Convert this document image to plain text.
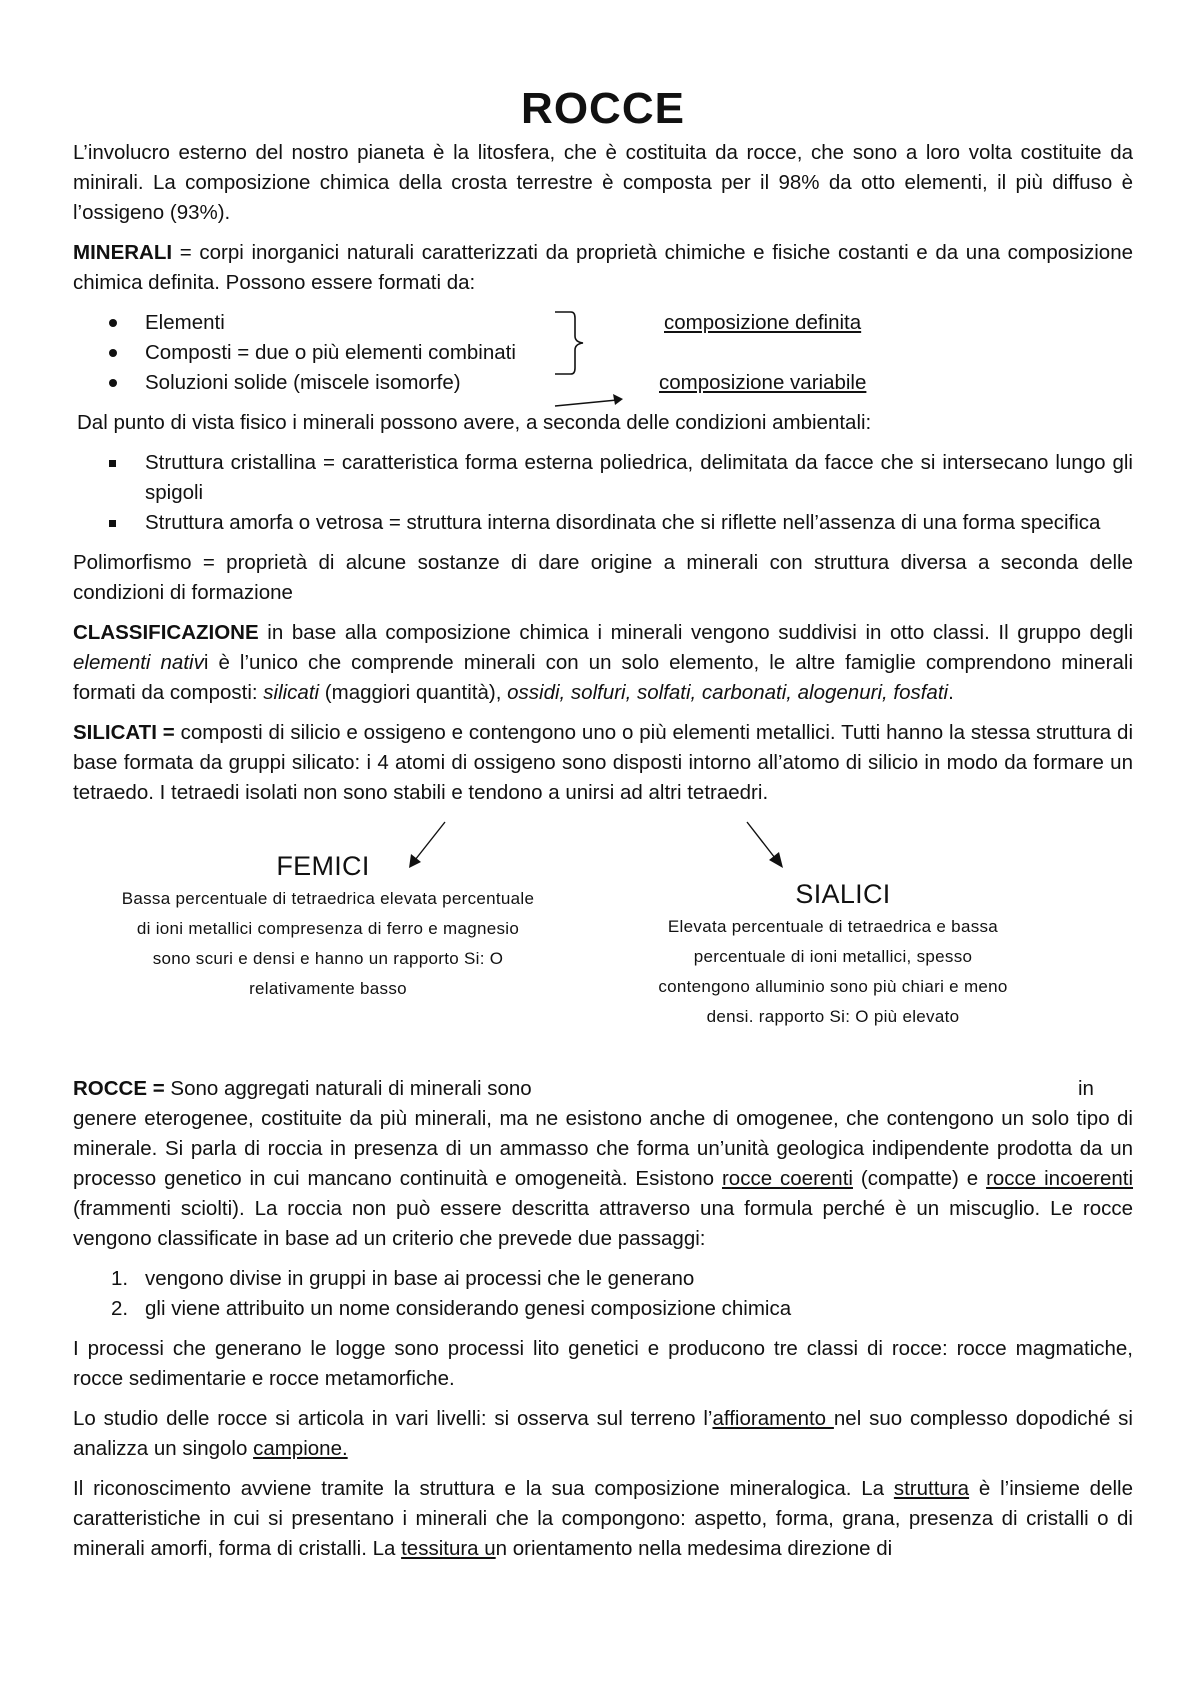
ROCCE

L’involucro esterno del nostro pianeta è la litosfera, che è costituita da rocce, che sono a loro volta costituite da minirali. La composizione chimica della crosta terrestre è composta per il 98% da otto elementi, il più diffuso è l’ossigeno (93%).

MINERALI = corpi inorganici naturali caratterizzati da proprietà chimiche e fisiche costanti e da una composizione chimica definita. Possono essere formati da:

Elementi
Composti = due o più elementi combinati
Soluzioni solide (miscele isomorfe)
composizione definita
composizione variabile

Dal punto di vista fisico i minerali possono avere, a seconda delle condizioni ambientali:

Struttura cristallina = caratteristica forma esterna poliedrica, delimitata da facce che si intersecano lungo gli spigoli
Struttura amorfa o vetrosa = struttura interna disordinata che si riflette nell’assenza di una forma specifica

Polimorfismo = proprietà di alcune sostanze di dare origine a minerali con struttura diversa a seconda delle condizioni di formazione

CLASSIFICAZIONE in base alla composizione chimica i minerali vengono suddivisi in otto classi. Il gruppo degli elementi nativi è l’unico che comprende minerali con un solo elemento, le altre famiglie comprendono minerali formati da composti: silicati (maggiori quantità), ossidi, solfuri, solfati, carbonati, alogenuri, fosfati.

SILICATI = composti di silicio e ossigeno e contengono uno o più elementi metallici. Tutti hanno la stessa struttura di base formata da gruppi silicato: i 4 atomi di ossigeno sono disposti intorno all’atomo di silicio in modo da formare un tetraedo. I tetraedi isolati non sono stabili e tendono a unirsi ad altri tetraedri.

FEMICI
Bassa percentuale di tetraedrica elevata percentuale
di ioni metallici compresenza di ferro e magnesio
sono scuri e densi e hanno un rapporto Si: O
relativamente basso
SIALICI
Elevata percentuale di tetraedrica e bassa
percentuale di ioni metallici, spesso
contengono alluminio sono più chiari e meno
densi. rapporto Si: O più elevato
ROCCE = Sono aggregati naturali di minerali sono	in

genere eterogenee, costituite da più minerali, ma ne esistono anche di omogenee, che contengono un solo tipo di minerale. Si parla di roccia in presenza di un ammasso che forma un’unità geologica indipendente prodotta da un processo genetico in cui mancano continuità e omogeneità. Esistono rocce coerenti (compatte) e rocce incoerenti (frammenti sciolti). La roccia non può essere descritta attraverso una formula perché è un miscuglio. Le rocce vengono classificate in base ad un criterio che prevede due passaggi:

1. vengono divise in gruppi in base ai processi che le generano
2. gli viene attribuito un nome considerando genesi composizione chimica

I processi che generano le logge sono processi lito genetici e producono tre classi di rocce: rocce magmatiche, rocce sedimentarie e rocce metamorfiche.

Lo studio delle rocce si articola in vari livelli: si osserva sul terreno l’affioramento nel suo complesso dopodiché si analizza un singolo campione.

Il riconoscimento avviene tramite la struttura e la sua composizione mineralogica. La struttura è l’insieme delle caratteristiche in cui si presentano i minerali che la compongono: aspetto, forma, grana, presenza di cristalli o di minerali amorfi, forma di cristalli. La tessitura un orientamento nella medesima direzione di
